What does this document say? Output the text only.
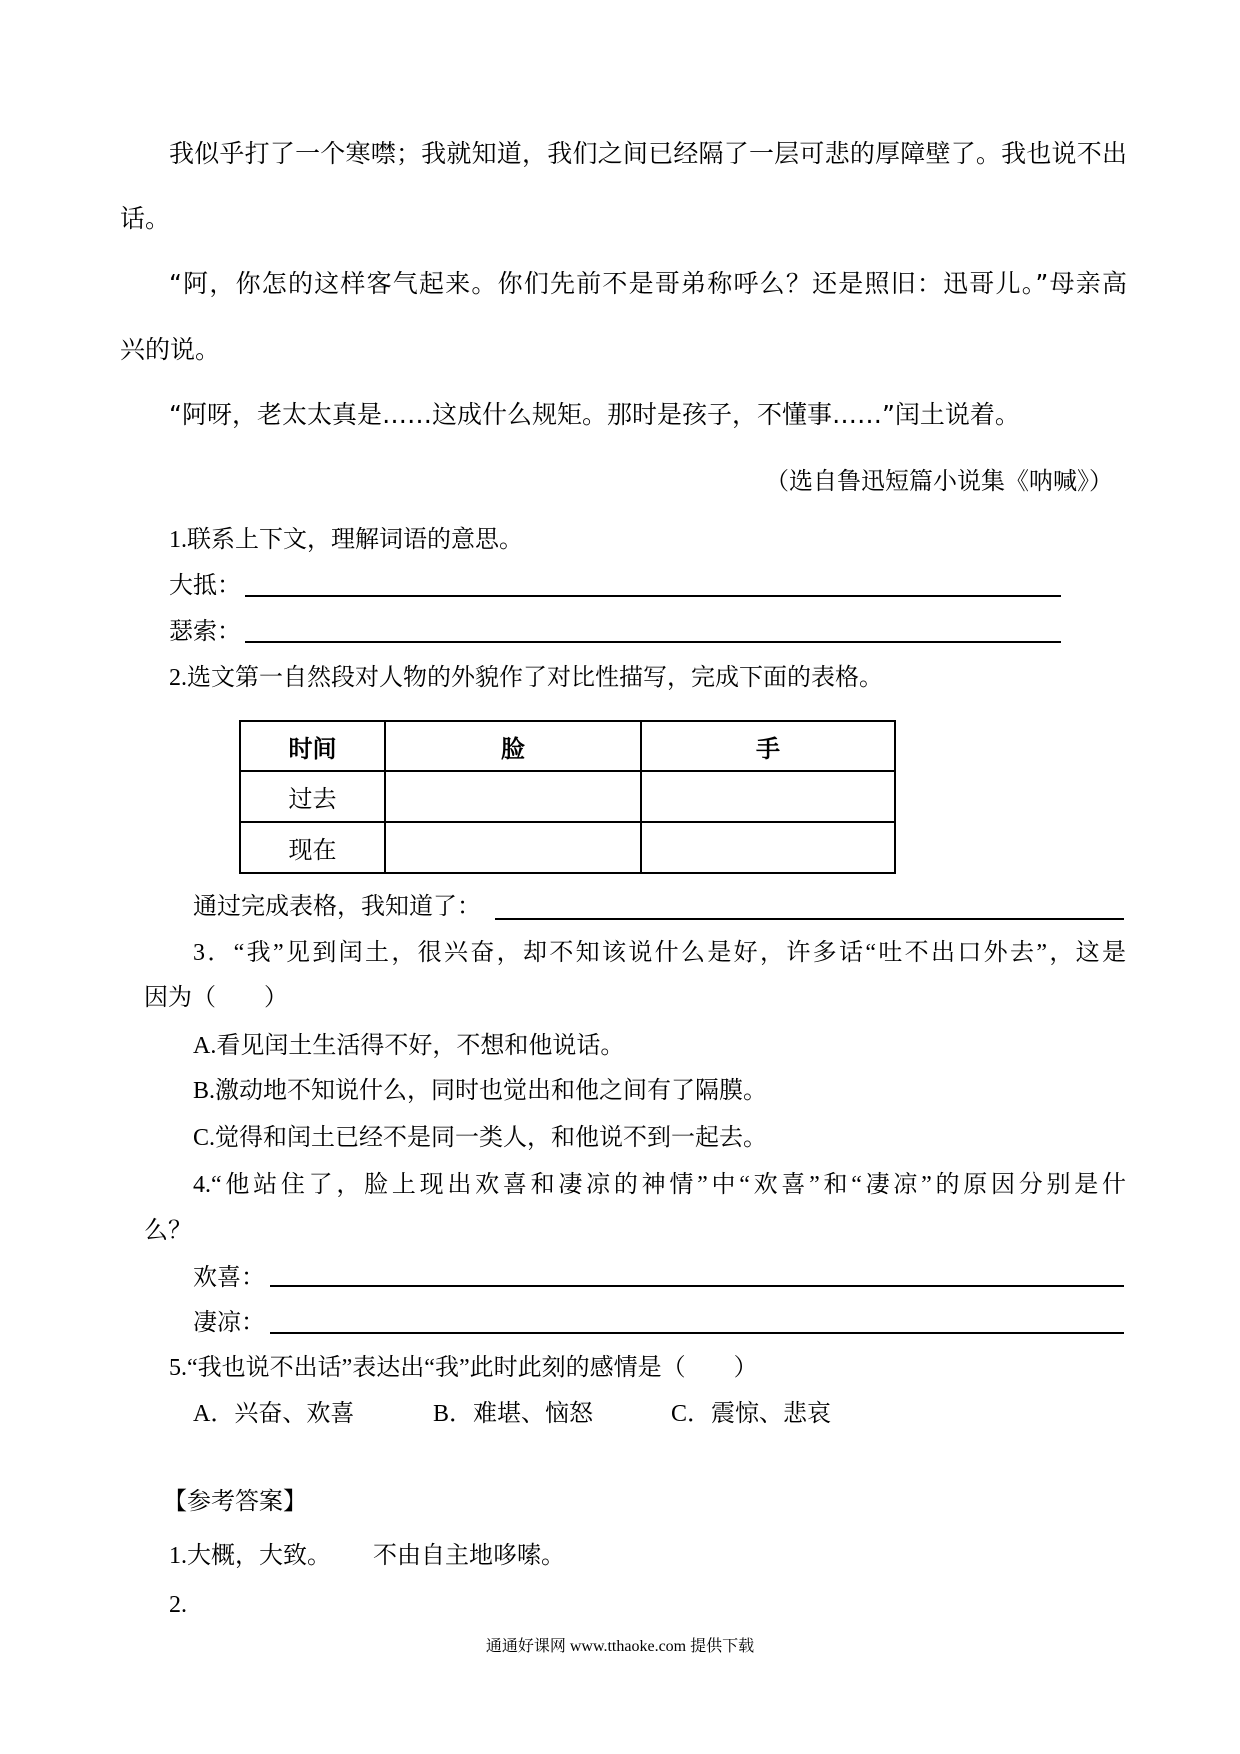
我似乎打了一个寒噤；我就知道，我们之间已经隔了一层可悲的厚障壁了。我也说不出
话。
“阿，你怎的这样客气起来。你们先前不是哥弟称呼么？还是照旧：迅哥儿。”母亲高
兴的说。
“阿呀，老太太真是……这成什么规矩。那时是孩子，不懂事……”闰土说着。
（选自鲁迅短篇小说集《呐喊》）
1.联系上下文，理解词语的意思。
大抵：
瑟索：
2.选文第一自然段对人物的外貌作了对比性描写，完成下面的表格。
时间	脸	手
过去		
现在		
通过完成表格，我知道了：
3．“我”见到闰土，很兴奋，却不知该说什么是好，许多话“吐不出口外去”，这是
因为（　　）
A.看见闰土生活得不好，不想和他说话。
B.激动地不知说什么，同时也觉出和他之间有了隔膜。
C.觉得和闰土已经不是同一类人，和他说不到一起去。
4.“他站住了，脸上现出欢喜和凄凉的神情”中“欢喜”和“凄凉”的原因分别是什
么？
欢喜：
凄凉：
5.“我也说不出话”表达出“我”此时此刻的感情是（　　）
A．兴奋、欢喜	B．难堪、恼怒	C．震惊、悲哀
【参考答案】
1.大概，大致。 不由自主地哆嗦。
2.
通通好课网 www.tthaoke.com 提供下载
